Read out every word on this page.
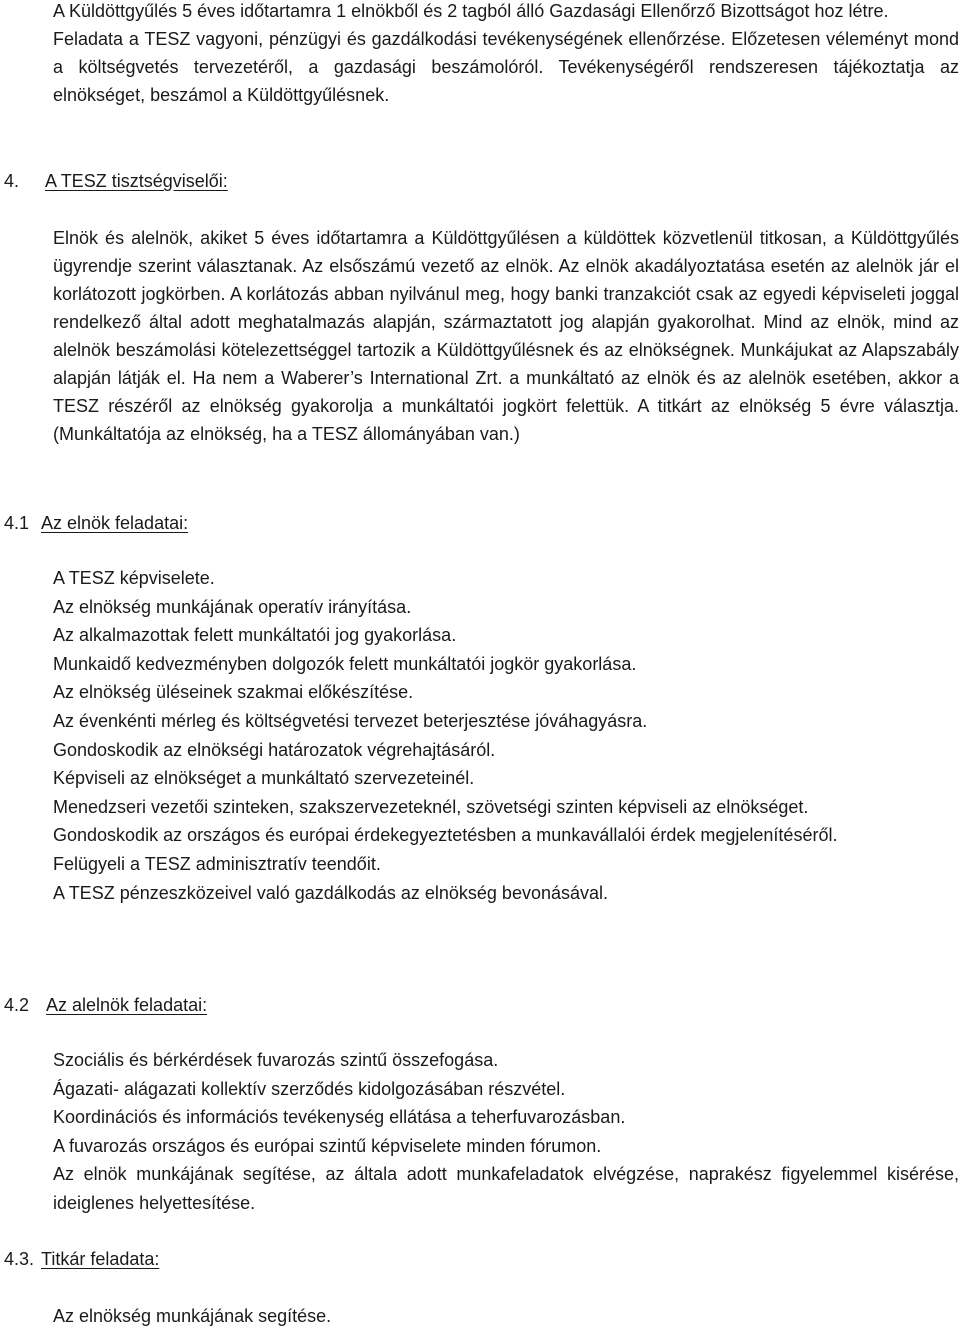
A Küldöttgyűlés 5 éves időtartamra 1 elnökből és 2 tagból álló Gazdasági Ellenőrző Bizottságot hoz létre.

Feladata a TESZ vagyoni, pénzügyi és gazdálkodási tevékenységének ellenőrzése. Előzetesen véleményt mond a költségvetés tervezetéről, a gazdasági beszámolóról. Tevékenységéről rendszeresen tájékoztatja az elnökséget, beszámol a Küldöttgyűlésnek.

4. A TESZ tisztségviselői:
Elnök és alelnök, akiket 5 éves időtartamra a Küldöttgyűlésen a küldöttek közvetlenül titkosan, a Küldöttgyűlés ügyrendje szerint választanak. Az elsőszámú vezető az elnök. Az elnök akadályoztatása esetén az alelnök jár el korlátozott jogkörben. A korlátozás abban nyilvánul meg, hogy banki tranzakciót csak az egyedi képviseleti joggal rendelkező által adott meghatalmazás alapján, származtatott jog alapján gyakorolhat. Mind az elnök, mind az alelnök beszámolási kötelezettséggel tartozik a Küldöttgyűlésnek és az elnökségnek. Munkájukat az Alapszabály alapján látják el. Ha nem a Waberer’s International Zrt. a munkáltató az elnök és az alelnök esetében, akkor a TESZ részéről az elnökség gyakorolja a munkáltatói jogkört felettük. A titkárt az elnökség 5 évre választja. (Munkáltatója az elnökség, ha a TESZ állományában van.)
4.1 Az elnök feladatai:
A TESZ képviselete.
Az elnökség munkájának operatív irányítása.
Az alkalmazottak felett munkáltatói jog gyakorlása.
Munkaidő kedvezményben dolgozók felett munkáltatói jogkör gyakorlása.
Az elnökség üléseinek szakmai előkészítése.
Az évenkénti mérleg és költségvetési tervezet beterjesztése jóváhagyásra.
Gondoskodik az elnökségi határozatok végrehajtásáról.
Képviseli az elnökséget a munkáltató szervezeteinél.
Menedzseri vezetői szinteken, szakszervezeteknél, szövetségi szinten képviseli az elnökséget.
Gondoskodik az országos és európai érdekegyeztetésben a munkavállalói érdek megjelenítéséről.
Felügyeli a TESZ adminisztratív teendőit.
A TESZ pénzeszközeivel való gazdálkodás az elnökség bevonásával.
4.2 Az alelnök feladatai:
Szociális és bérkérdések fuvarozás szintű összefogása.
Ágazati- alágazati kollektív szerződés kidolgozásában részvétel.
Koordinációs és információs tevékenység ellátása a teherfuvarozásban.
A fuvarozás országos és európai szintű képviselete minden fórumon.
Az elnök munkájának segítése, az általa adott munkafeladatok elvégzése, naprakész figyelemmel kisérése, ideiglenes helyettesítése.
4.3. Titkár feladata:
Az elnökség munkájának segítése.
